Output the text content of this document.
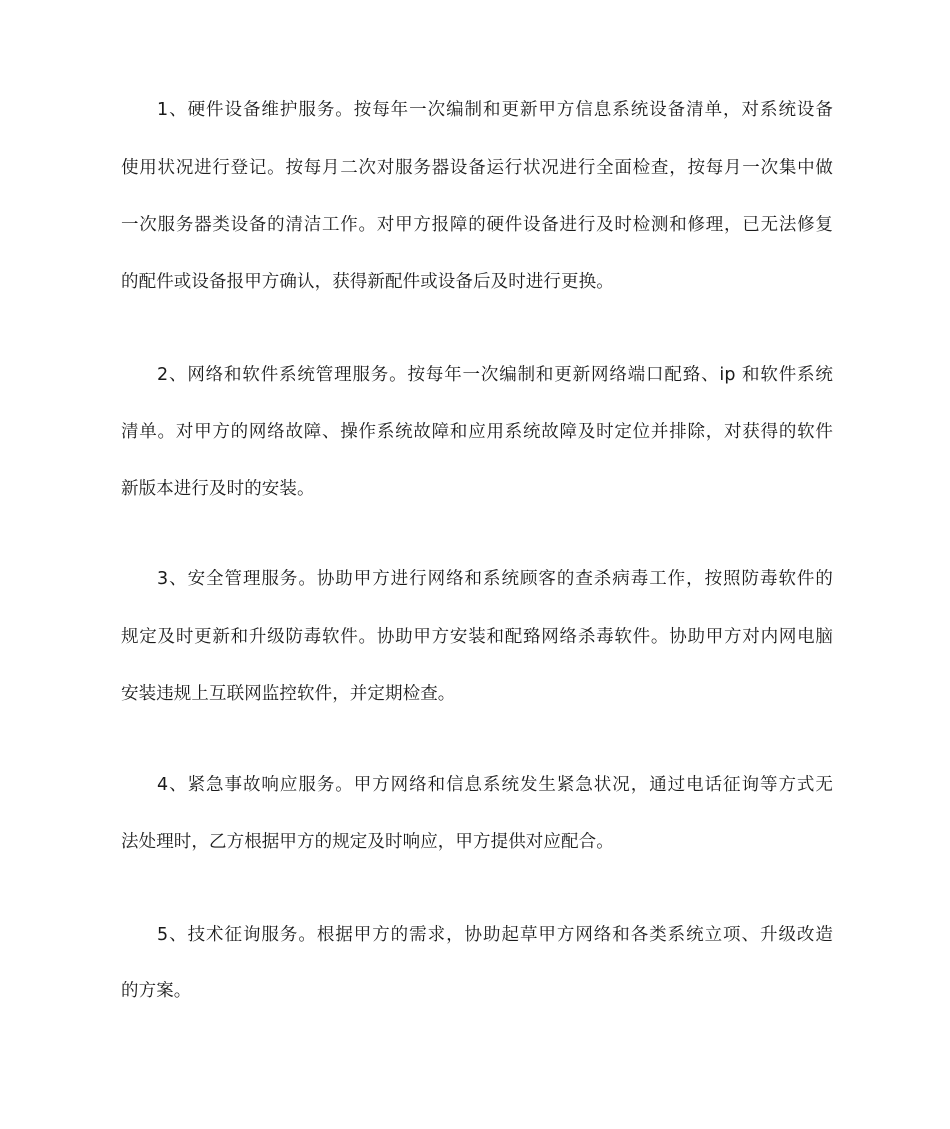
1、硬件设备维护服务。按每年一次编制和更新甲方信息系统设备清单，对系统设备
使用状况进行登记。按每月二次对服务器设备运行状况进行全面检查，按每月一次集中做
一次服务器类设备的清洁工作。对甲方报障的硬件设备进行及时检测和修理，已无法修复
的配件或设备报甲方确认，获得新配件或设备后及时进行更换。
2、网络和软件系统管理服务。按每年一次编制和更新网络端口配臵、ip 和软件系统
清单。对甲方的网络故障、操作系统故障和应用系统故障及时定位并排除，对获得的软件
新版本进行及时的安装。
3、安全管理服务。协助甲方进行网络和系统顾客的查杀病毒工作，按照防毒软件的
规定及时更新和升级防毒软件。协助甲方安装和配臵网络杀毒软件。协助甲方对内网电脑
安装违规上互联网监控软件，并定期检查。
4、紧急事故响应服务。甲方网络和信息系统发生紧急状况，通过电话征询等方式无
法处理时，乙方根据甲方的规定及时响应，甲方提供对应配合。
5、技术征询服务。根据甲方的需求，协助起草甲方网络和各类系统立项、升级改造
的方案。
